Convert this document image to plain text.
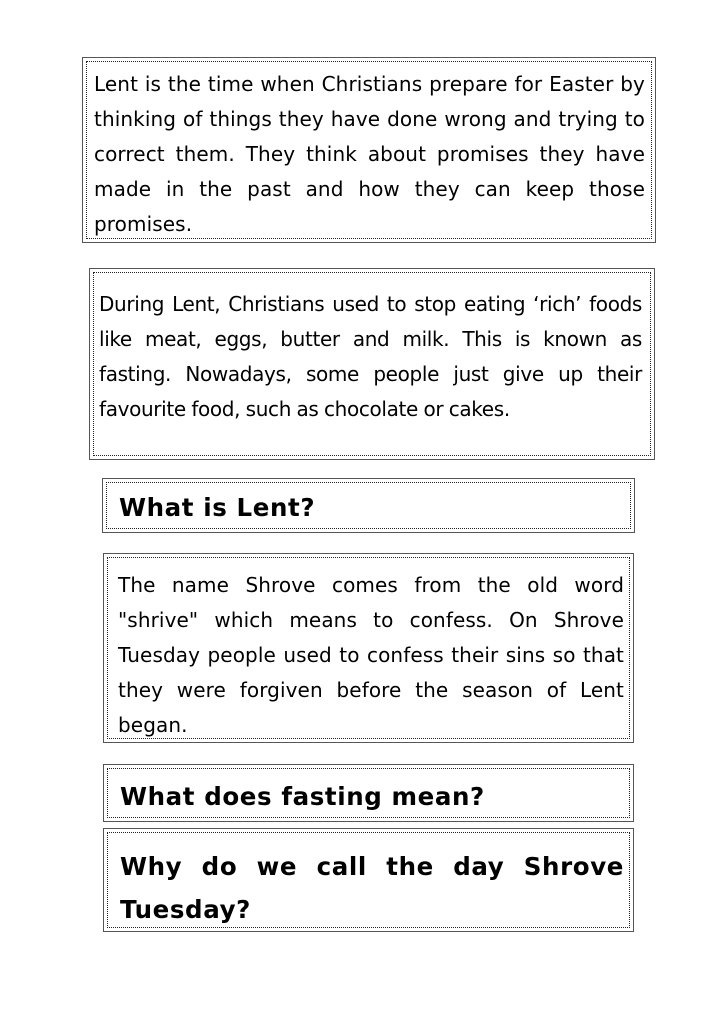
Lent is the time when Christians prepare for Easter by thinking of things they have done wrong and trying to correct them. They think about promises they have made in the past and how they can keep those promises.

During Lent, Christians used to stop eating ‘rich’ foods like meat, eggs, butter and milk. This is known as fasting. Nowadays, some people just give up their favourite food, such as chocolate or cakes.

What is Lent?

The name Shrove comes from the old word "shrive" which means to confess. On Shrove Tuesday people used to confess their sins so that they were forgiven before the season of Lent began.

What does fasting mean?

Why do we call the day Shrove Tuesday?
